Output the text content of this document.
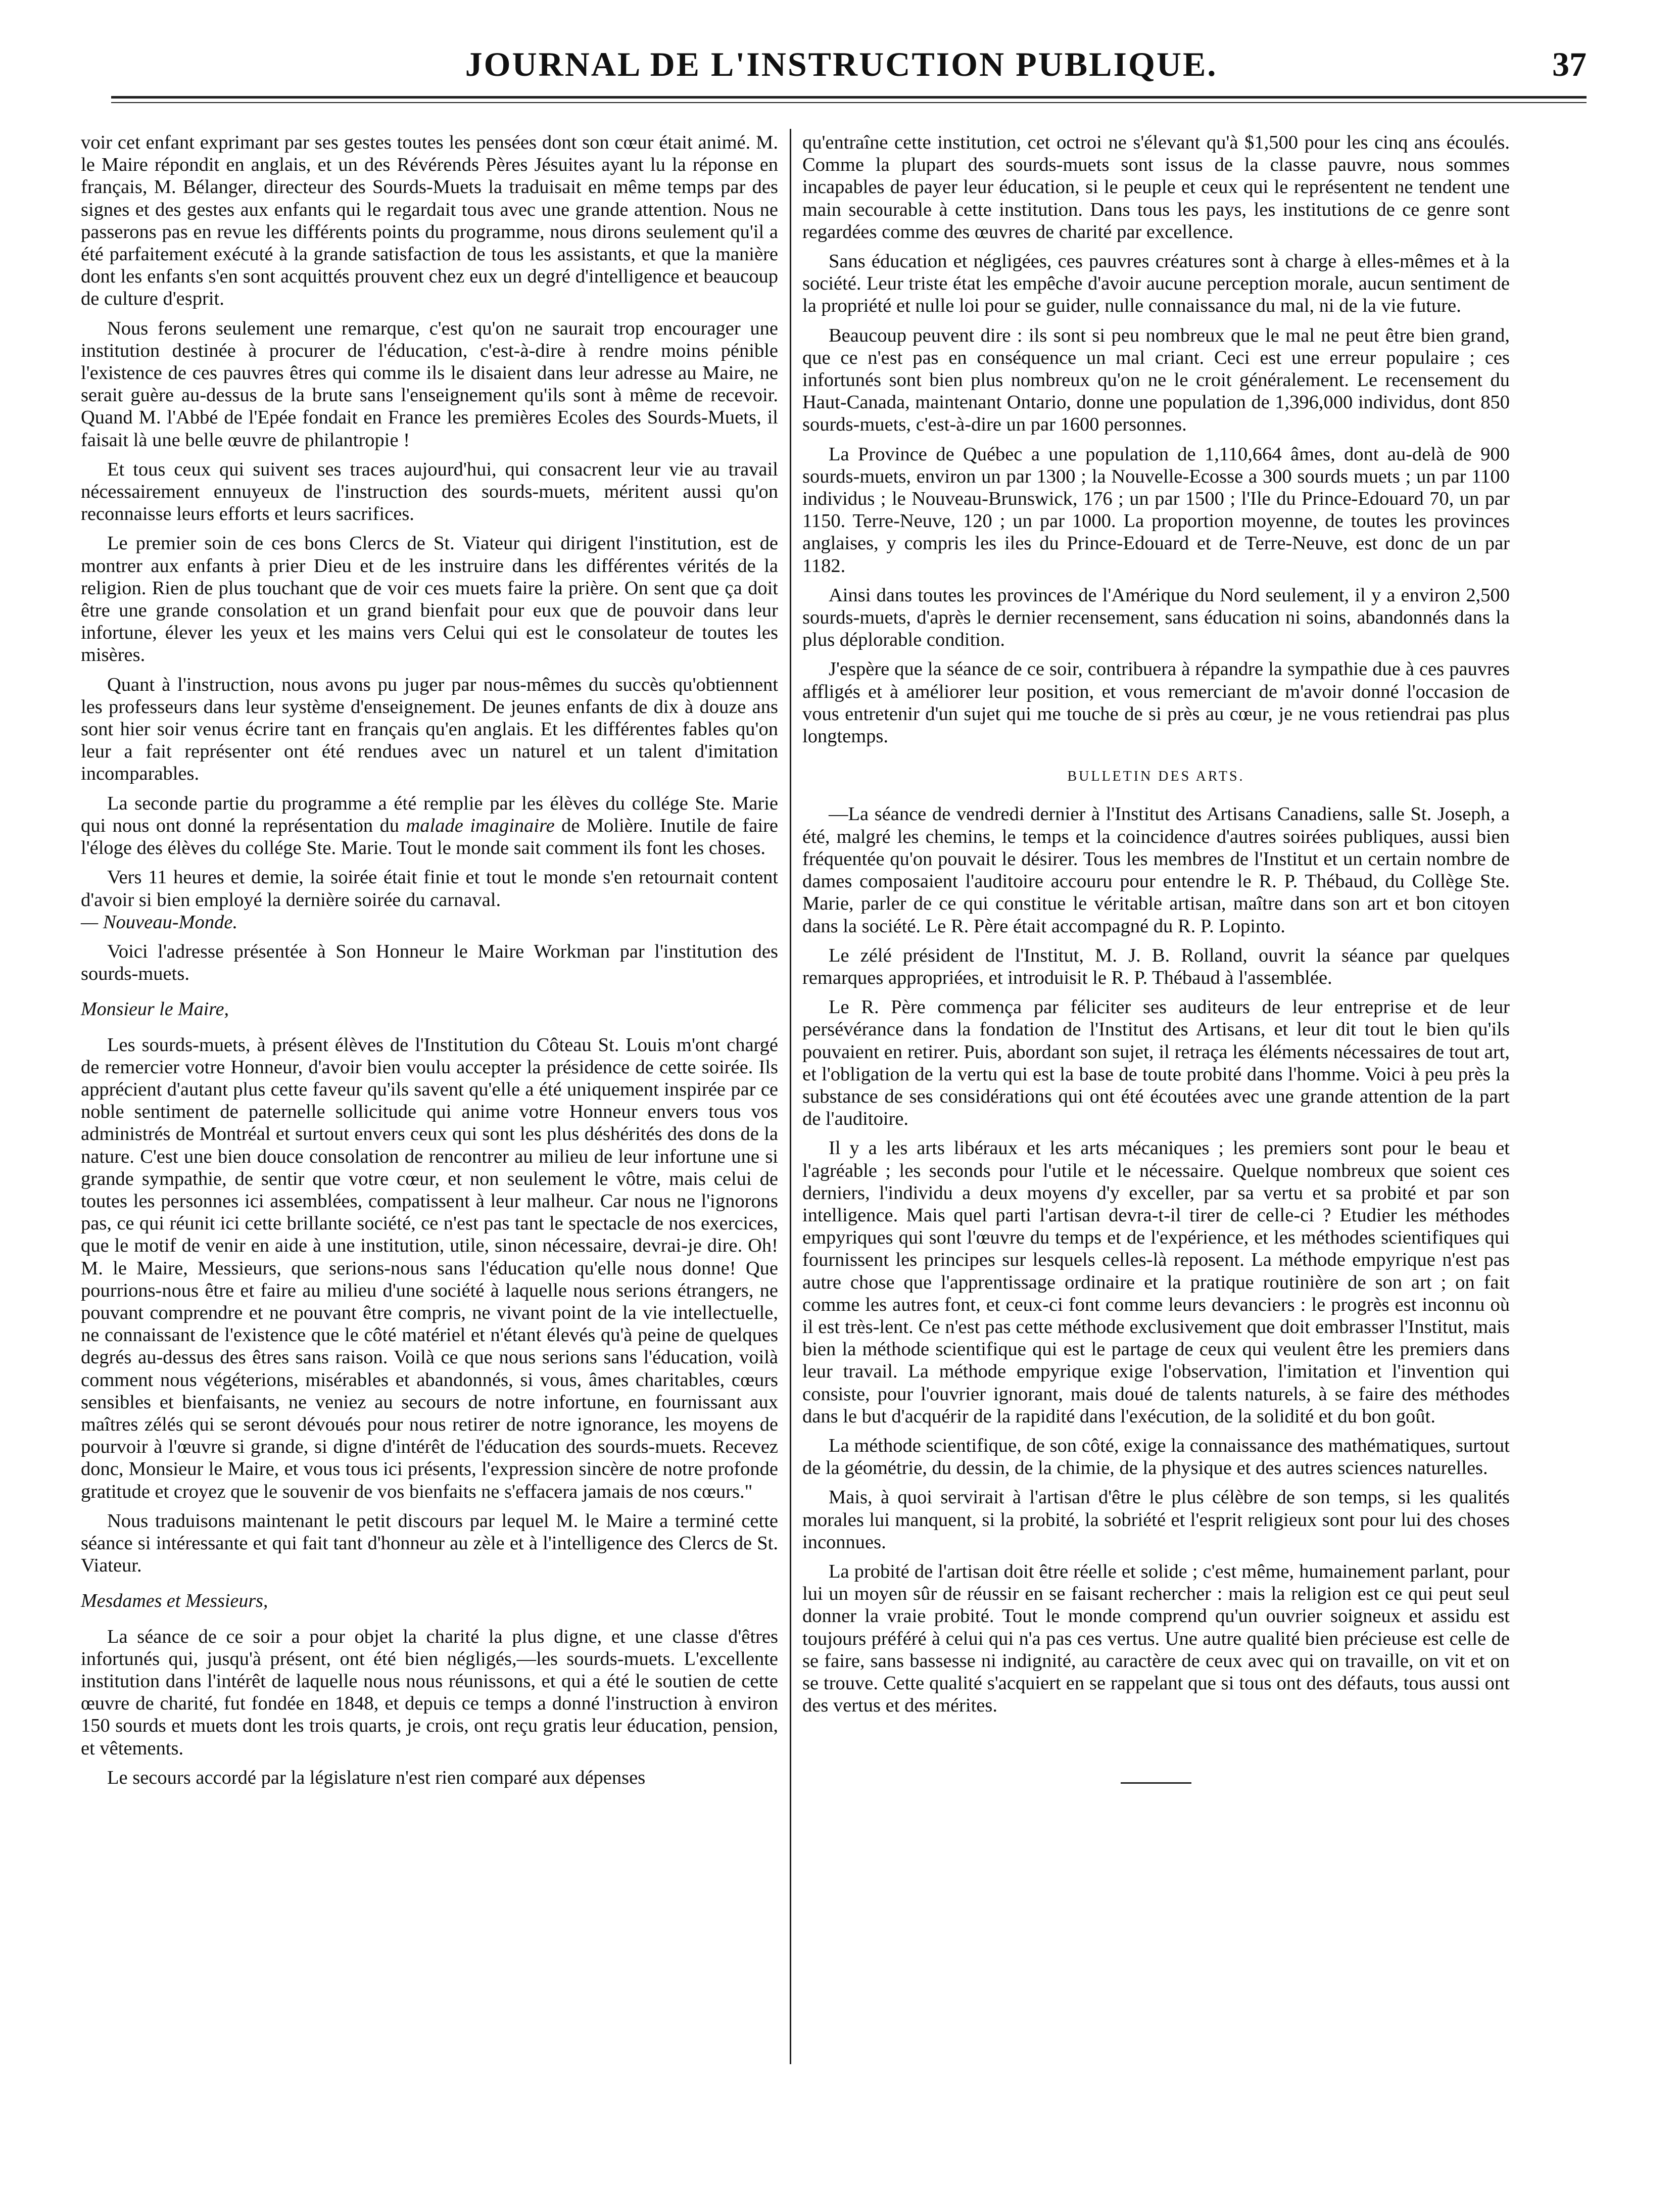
JOURNAL DE L'INSTRUCTION PUBLIQUE.	37

voir cet enfant exprimant par ses gestes toutes les pensées dont son cœur était animé. M. le Maire répondit en anglais, et un des Révérends Pères Jésuites ayant lu la réponse en français, M. Bélanger, directeur des Sourds-Muets la traduisait en même temps par des signes et des gestes aux enfants qui le regardait tous avec une grande attention. Nous ne passerons pas en revue les différents points du programme, nous dirons seulement qu'il a été parfaitement exécuté à la grande satisfaction de tous les assistants, et que la manière dont les enfants s'en sont acquittés prouvent chez eux un degré d'intelligence et beaucoup de culture d'esprit.

Nous ferons seulement une remarque, c'est qu'on ne saurait trop encourager une institution destinée à procurer de l'éducation, c'est-à-dire à rendre moins pénible l'existence de ces pauvres êtres qui comme ils le disaient dans leur adresse au Maire, ne serait guère au-dessus de la brute sans l'enseignement qu'ils sont à même de recevoir. Quand M. l'Abbé de l'Epée fondait en France les premières Ecoles des Sourds-Muets, il faisait là une belle œuvre de philantropie !

Et tous ceux qui suivent ses traces aujourd'hui, qui consacrent leur vie au travail nécessairement ennuyeux de l'instruction des sourds-muets, méritent aussi qu'on reconnaisse leurs efforts et leurs sacrifices.

Le premier soin de ces bons Clercs de St. Viateur qui dirigent l'institution, est de montrer aux enfants à prier Dieu et de les instruire dans les différentes vérités de la religion. Rien de plus touchant que de voir ces muets faire la prière. On sent que ça doit être une grande consolation et un grand bienfait pour eux que de pouvoir dans leur infortune, élever les yeux et les mains vers Celui qui est le consolateur de toutes les misères.

Quant à l'instruction, nous avons pu juger par nous-mêmes du succès qu'obtiennent les professeurs dans leur système d'enseignement. De jeunes enfants de dix à douze ans sont hier soir venus écrire tant en français qu'en anglais. Et les différentes fables qu'on leur a fait représenter ont été rendues avec un naturel et un talent d'imitation incomparables.

La seconde partie du programme a été remplie par les élèves du collége Ste. Marie qui nous ont donné la représentation du malade imaginaire de Molière. Inutile de faire l'éloge des élèves du collége Ste. Marie. Tout le monde sait comment ils font les choses.

Vers 11 heures et demie, la soirée était finie et tout le monde s'en retournait content d'avoir si bien employé la dernière soirée du carnaval.
— Nouveau-Monde.

Voici l'adresse présentée à Son Honneur le Maire Workman par l'institution des sourds-muets.

Monsieur le Maire,

Les sourds-muets, à présent élèves de l'Institution du Côteau St. Louis m'ont chargé de remercier votre Honneur, d'avoir bien voulu accepter la présidence de cette soirée. Ils apprécient d'autant plus cette faveur qu'ils savent qu'elle a été uniquement inspirée par ce noble sentiment de paternelle sollicitude qui anime votre Honneur envers tous vos administrés de Montréal et surtout envers ceux qui sont les plus déshérités des dons de la nature. C'est une bien douce consolation de rencontrer au milieu de leur infortune une si grande sympathie, de sentir que votre cœur, et non seulement le vôtre, mais celui de toutes les personnes ici assemblées, compatissent à leur malheur. Car nous ne l'ignorons pas, ce qui réunit ici cette brillante société, ce n'est pas tant le spectacle de nos exercices, que le motif de venir en aide à une institution, utile, sinon nécessaire, devrai-je dire. Oh! M. le Maire, Messieurs, que serions-nous sans l'éducation qu'elle nous donne! Que pourrions-nous être et faire au milieu d'une société à laquelle nous serions étrangers, ne pouvant comprendre et ne pouvant être compris, ne vivant point de la vie intellectuelle, ne connaissant de l'existence que le côté matériel et n'étant élevés qu'à peine de quelques degrés au-dessus des êtres sans raison. Voilà ce que nous serions sans l'éducation, voilà comment nous végéterions, misérables et abandonnés, si vous, âmes charitables, cœurs sensibles et bienfaisants, ne veniez au secours de notre infortune, en fournissant aux maîtres zélés qui se seront dévoués pour nous retirer de notre ignorance, les moyens de pourvoir à l'œuvre si grande, si digne d'intérêt de l'éducation des sourds-muets. Recevez donc, Monsieur le Maire, et vous tous ici présents, l'expression sincère de notre profonde gratitude et croyez que le souvenir de vos bienfaits ne s'effacera jamais de nos cœurs."

Nous traduisons maintenant le petit discours par lequel M. le Maire a terminé cette séance si intéressante et qui fait tant d'honneur au zèle et à l'intelligence des Clercs de St. Viateur.

Mesdames et Messieurs,

La séance de ce soir a pour objet la charité la plus digne, et une classe d'êtres infortunés qui, jusqu'à présent, ont été bien négligés,—les sourds-muets. L'excellente institution dans l'intérêt de laquelle nous nous réunissons, et qui a été le soutien de cette œuvre de charité, fut fondée en 1848, et depuis ce temps a donné l'instruction à environ 150 sourds et muets dont les trois quarts, je crois, ont reçu gratis leur éducation, pension, et vêtements.

Le secours accordé par la législature n'est rien comparé aux dépenses

qu'entraîne cette institution, cet octroi ne s'élevant qu'à $1,500 pour les cinq ans écoulés. Comme la plupart des sourds-muets sont issus de la classe pauvre, nous sommes incapables de payer leur éducation, si le peuple et ceux qui le représentent ne tendent une main secourable à cette institution. Dans tous les pays, les institutions de ce genre sont regardées comme des œuvres de charité par excellence.

Sans éducation et négligées, ces pauvres créatures sont à charge à elles-mêmes et à la société. Leur triste état les empêche d'avoir aucune perception morale, aucun sentiment de la propriété et nulle loi pour se guider, nulle connaissance du mal, ni de la vie future.

Beaucoup peuvent dire : ils sont si peu nombreux que le mal ne peut être bien grand, que ce n'est pas en conséquence un mal criant. Ceci est une erreur populaire ; ces infortunés sont bien plus nombreux qu'on ne le croit généralement. Le recensement du Haut-Canada, maintenant Ontario, donne une population de 1,396,000 individus, dont 850 sourds-muets, c'est-à-dire un par 1600 personnes.

La Province de Québec a une population de 1,110,664 âmes, dont au-delà de 900 sourds-muets, environ un par 1300 ; la Nouvelle-Ecosse a 300 sourds muets ; un par 1100 individus ; le Nouveau-Brunswick, 176 ; un par 1500 ; l'Ile du Prince-Edouard 70, un par 1150. Terre-Neuve, 120 ; un par 1000. La proportion moyenne, de toutes les provinces anglaises, y compris les iles du Prince-Edouard et de Terre-Neuve, est donc de un par 1182.

Ainsi dans toutes les provinces de l'Amérique du Nord seulement, il y a environ 2,500 sourds-muets, d'après le dernier recensement, sans éducation ni soins, abandonnés dans la plus déplorable condition.

J'espère que la séance de ce soir, contribuera à répandre la sympathie due à ces pauvres affligés et à améliorer leur position, et vous remerciant de m'avoir donné l'occasion de vous entretenir d'un sujet qui me touche de si près au cœur, je ne vous retiendrai pas plus longtemps.

BULLETIN DES ARTS.

—La séance de vendredi dernier à l'Institut des Artisans Canadiens, salle St. Joseph, a été, malgré les chemins, le temps et la coincidence d'autres soirées publiques, aussi bien fréquentée qu'on pouvait le désirer. Tous les membres de l'Institut et un certain nombre de dames composaient l'auditoire accouru pour entendre le R. P. Thébaud, du Collège Ste. Marie, parler de ce qui constitue le véritable artisan, maître dans son art et bon citoyen dans la société. Le R. Père était accompagné du R. P. Lopinto.

Le zélé président de l'Institut, M. J. B. Rolland, ouvrit la séance par quelques remarques appropriées, et introduisit le R. P. Thébaud à l'assemblée.

Le R. Père commença par féliciter ses auditeurs de leur entreprise et de leur persévérance dans la fondation de l'Institut des Artisans, et leur dit tout le bien qu'ils pouvaient en retirer. Puis, abordant son sujet, il retraça les éléments nécessaires de tout art, et l'obligation de la vertu qui est la base de toute probité dans l'homme. Voici à peu près la substance de ses considérations qui ont été écoutées avec une grande attention de la part de l'auditoire.

Il y a les arts libéraux et les arts mécaniques ; les premiers sont pour le beau et l'agréable ; les seconds pour l'utile et le nécessaire. Quelque nombreux que soient ces derniers, l'individu a deux moyens d'y exceller, par sa vertu et sa probité et par son intelligence. Mais quel parti l'artisan devra-t-il tirer de celle-ci ? Etudier les méthodes empyriques qui sont l'œuvre du temps et de l'expérience, et les méthodes scientifiques qui fournissent les principes sur lesquels celles-là reposent. La méthode empyrique n'est pas autre chose que l'apprentissage ordinaire et la pratique routinière de son art ; on fait comme les autres font, et ceux-ci font comme leurs devanciers : le progrès est inconnu où il est très-lent. Ce n'est pas cette méthode exclusivement que doit embrasser l'Institut, mais bien la méthode scientifique qui est le partage de ceux qui veulent être les premiers dans leur travail. La méthode empyrique exige l'observation, l'imitation et l'invention qui consiste, pour l'ouvrier ignorant, mais doué de talents naturels, à se faire des méthodes dans le but d'acquérir de la rapidité dans l'exécution, de la solidité et du bon goût.

La méthode scientifique, de son côté, exige la connaissance des mathématiques, surtout de la géométrie, du dessin, de la chimie, de la physique et des autres sciences naturelles.

Mais, à quoi servirait à l'artisan d'être le plus célèbre de son temps, si les qualités morales lui manquent, si la probité, la sobriété et l'esprit religieux sont pour lui des choses inconnues.

La probité de l'artisan doit être réelle et solide ; c'est même, humainement parlant, pour lui un moyen sûr de réussir en se faisant rechercher : mais la religion est ce qui peut seul donner la vraie probité. Tout le monde comprend qu'un ouvrier soigneux et assidu est toujours préféré à celui qui n'a pas ces vertus. Une autre qualité bien précieuse est celle de se faire, sans bassesse ni indignité, au caractère de ceux avec qui on travaille, on vit et on se trouve. Cette qualité s'acquiert en se rappelant que si tous ont des défauts, tous aussi ont des vertus et des mérites.
